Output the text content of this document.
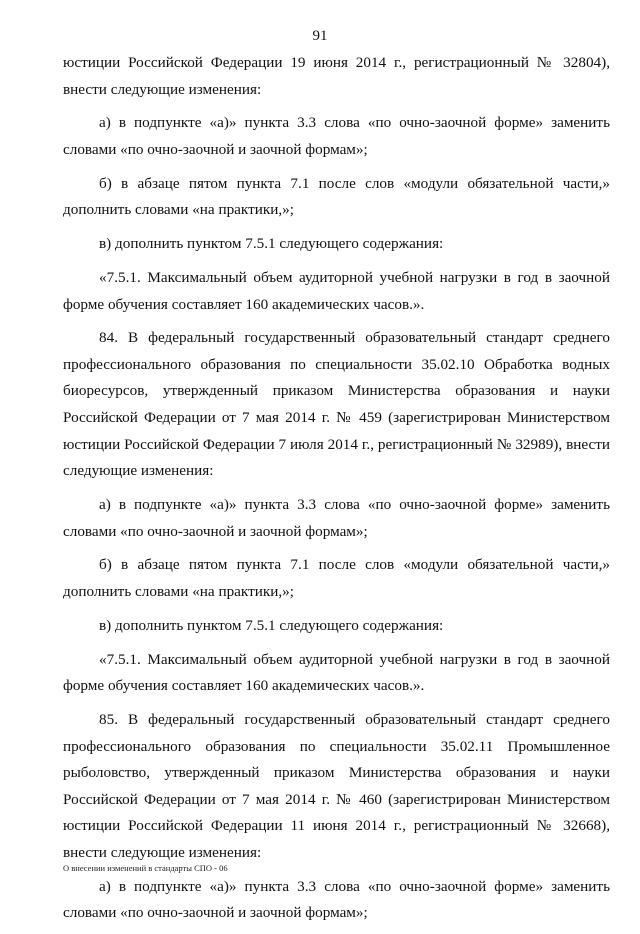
91

юстиции Российской Федерации 19 июня 2014 г., регистрационный № 32804), внести следующие изменения:

а) в подпункте «а)» пункта 3.3 слова «по очно-заочной форме» заменить словами «по очно-заочной и заочной формам»;

б) в абзаце пятом пункта 7.1 после слов «модули обязательной части,» дополнить словами «на практики,»;

в) дополнить пунктом 7.5.1 следующего содержания:

«7.5.1. Максимальный объем аудиторной учебной нагрузки в год в заочной форме обучения составляет 160 академических часов.».

84. В федеральный государственный образовательный стандарт среднего профессионального образования по специальности 35.02.10 Обработка водных биоресурсов, утвержденный приказом Министерства образования и науки Российской Федерации от 7 мая 2014 г. № 459 (зарегистрирован Министерством юстиции Российской Федерации 7 июля 2014 г., регистрационный № 32989), внести следующие изменения:

а) в подпункте «а)» пункта 3.3 слова «по очно-заочной форме» заменить словами «по очно-заочной и заочной формам»;

б) в абзаце пятом пункта 7.1 после слов «модули обязательной части,» дополнить словами «на практики,»;

в) дополнить пунктом 7.5.1 следующего содержания:

«7.5.1. Максимальный объем аудиторной учебной нагрузки в год в заочной форме обучения составляет 160 академических часов.».

85. В федеральный государственный образовательный стандарт среднего профессионального образования по специальности 35.02.11 Промышленное рыболовство, утвержденный приказом Министерства образования и науки Российской Федерации от 7 мая 2014 г. № 460 (зарегистрирован Министерством юстиции Российской Федерации 11 июня 2014 г., регистрационный № 32668), внести следующие изменения:

а) в подпункте «а)» пункта 3.3 слова «по очно-заочной форме» заменить словами «по очно-заочной и заочной формам»;

О внесении изменений в стандарты СПО - 06
